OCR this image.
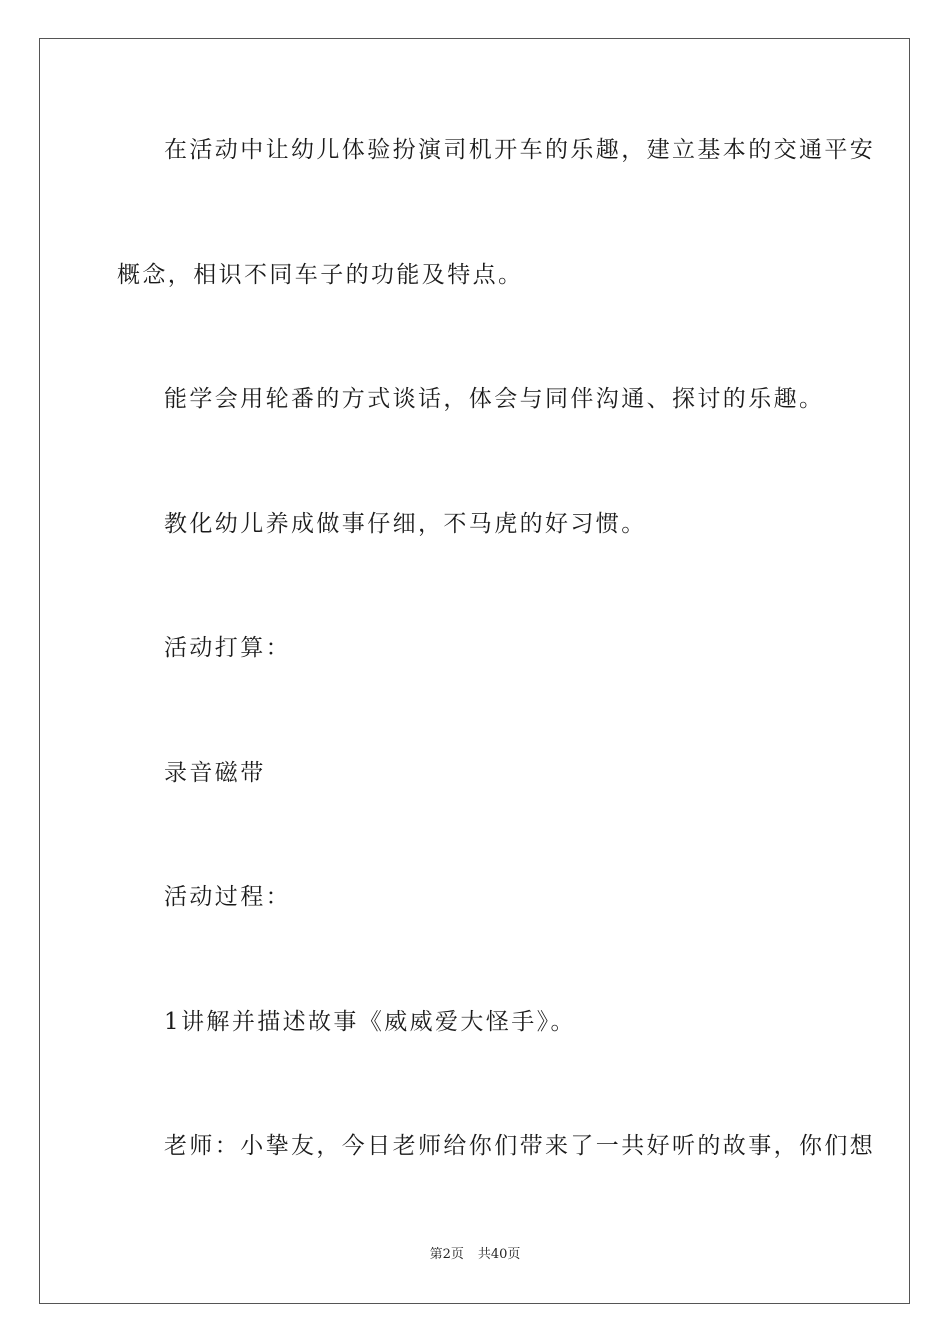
在活动中让幼儿体验扮演司机开车的乐趣，建立基本的交通平安
概念，相识不同车子的功能及特点。
能学会用轮番的方式谈话，体会与同伴沟通、探讨的乐趣。
教化幼儿养成做事仔细，不马虎的好习惯。
活动打算：
录音磁带
活动过程：
1讲解并描述故事《威威爱大怪手》。
老师：小挚友，今日老师给你们带来了一共好听的故事，你们想
第2页 共40页
